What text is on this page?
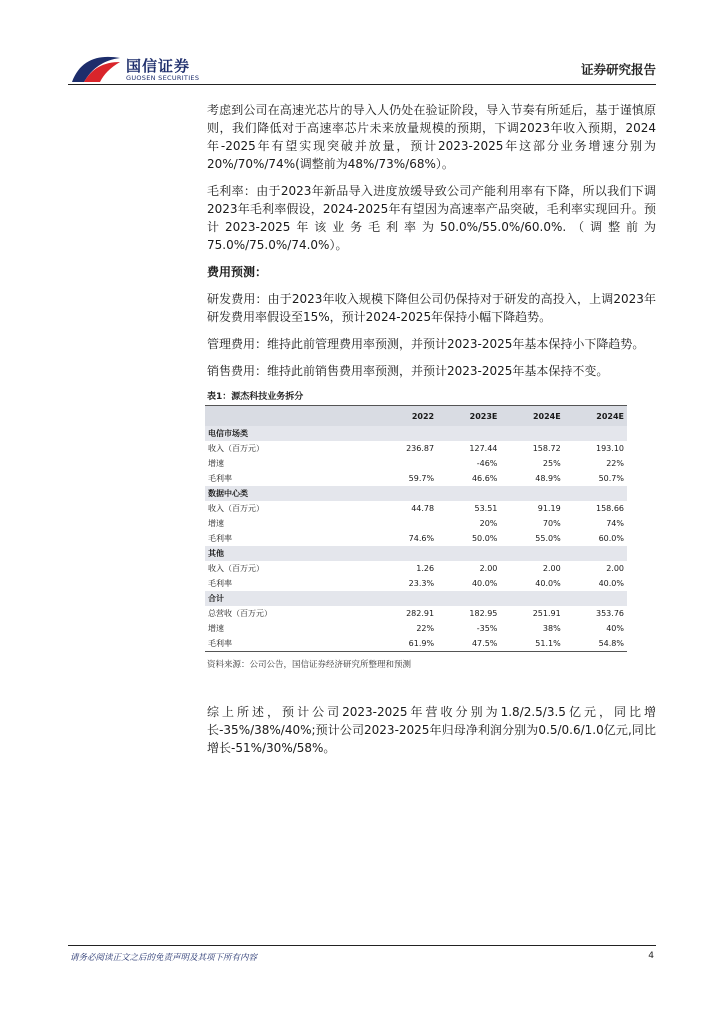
国信证券
GUOSEN SECURITIES
证券研究报告

考虑到公司在高速光芯片的导入人仍处在验证阶段，导入节奏有所延后，基于谨慎原则，我们降低对于高速率芯片未来放量规模的预期，下调2023年收入预期，2024年-2025年有望实现突破并放量，预计2023-2025年这部分业务增速分别为20%/70%/74%(调整前为48%/73%/68%）。

毛利率：由于2023年新品导入进度放缓导致公司产能利用率有下降，所以我们下调2023年毛利率假设，2024-2025年有望因为高速率产品突破，毛利率实现回升。预计2023-2025年该业务毛利率为50.0%/55.0%/60.0%.（调整前为75.0%/75.0%/74.0%）。

费用预测：

研发费用：由于2023年收入规模下降但公司仍保持对于研发的高投入，上调2023年研发费用率假设至15%，预计2024-2025年保持小幅下降趋势。

管理费用：维持此前管理费用率预测，并预计2023-2025年基本保持小下降趋势。

销售费用：维持此前销售费用率预测，并预计2023-2025年基本保持不变。

表1：源杰科技业务拆分
	2022	2023E	2024E	2024E
电信市场类				
收入（百万元）	236.87	127.44	158.72	193.10
增速		-46%	25%	22%
毛利率	59.7%	46.6%	48.9%	50.7%
数据中心类				
收入（百万元）	44.78	53.51	91.19	158.66
增速		20%	70%	74%
毛利率	74.6%	50.0%	55.0%	60.0%
其他				
收入（百万元）	1.26	2.00	2.00	2.00
毛利率	23.3%	40.0%	40.0%	40.0%
合计				
总营收（百万元）	282.91	182.95	251.91	353.76
增速	22%	-35%	38%	40%
毛利率	61.9%	47.5%	51.1%	54.8%
资料来源：公司公告，国信证券经济研究所整理和预测

综上所述，预计公司2023-2025年营收分别为1.8/2.5/3.5亿元，同比增长-35%/38%/40%;预计公司2023-2025年归母净利润分别为0.5/0.6/1.0亿元,同比增长-51%/30%/58%。

请务必阅读正文之后的免责声明及其项下所有内容	4
